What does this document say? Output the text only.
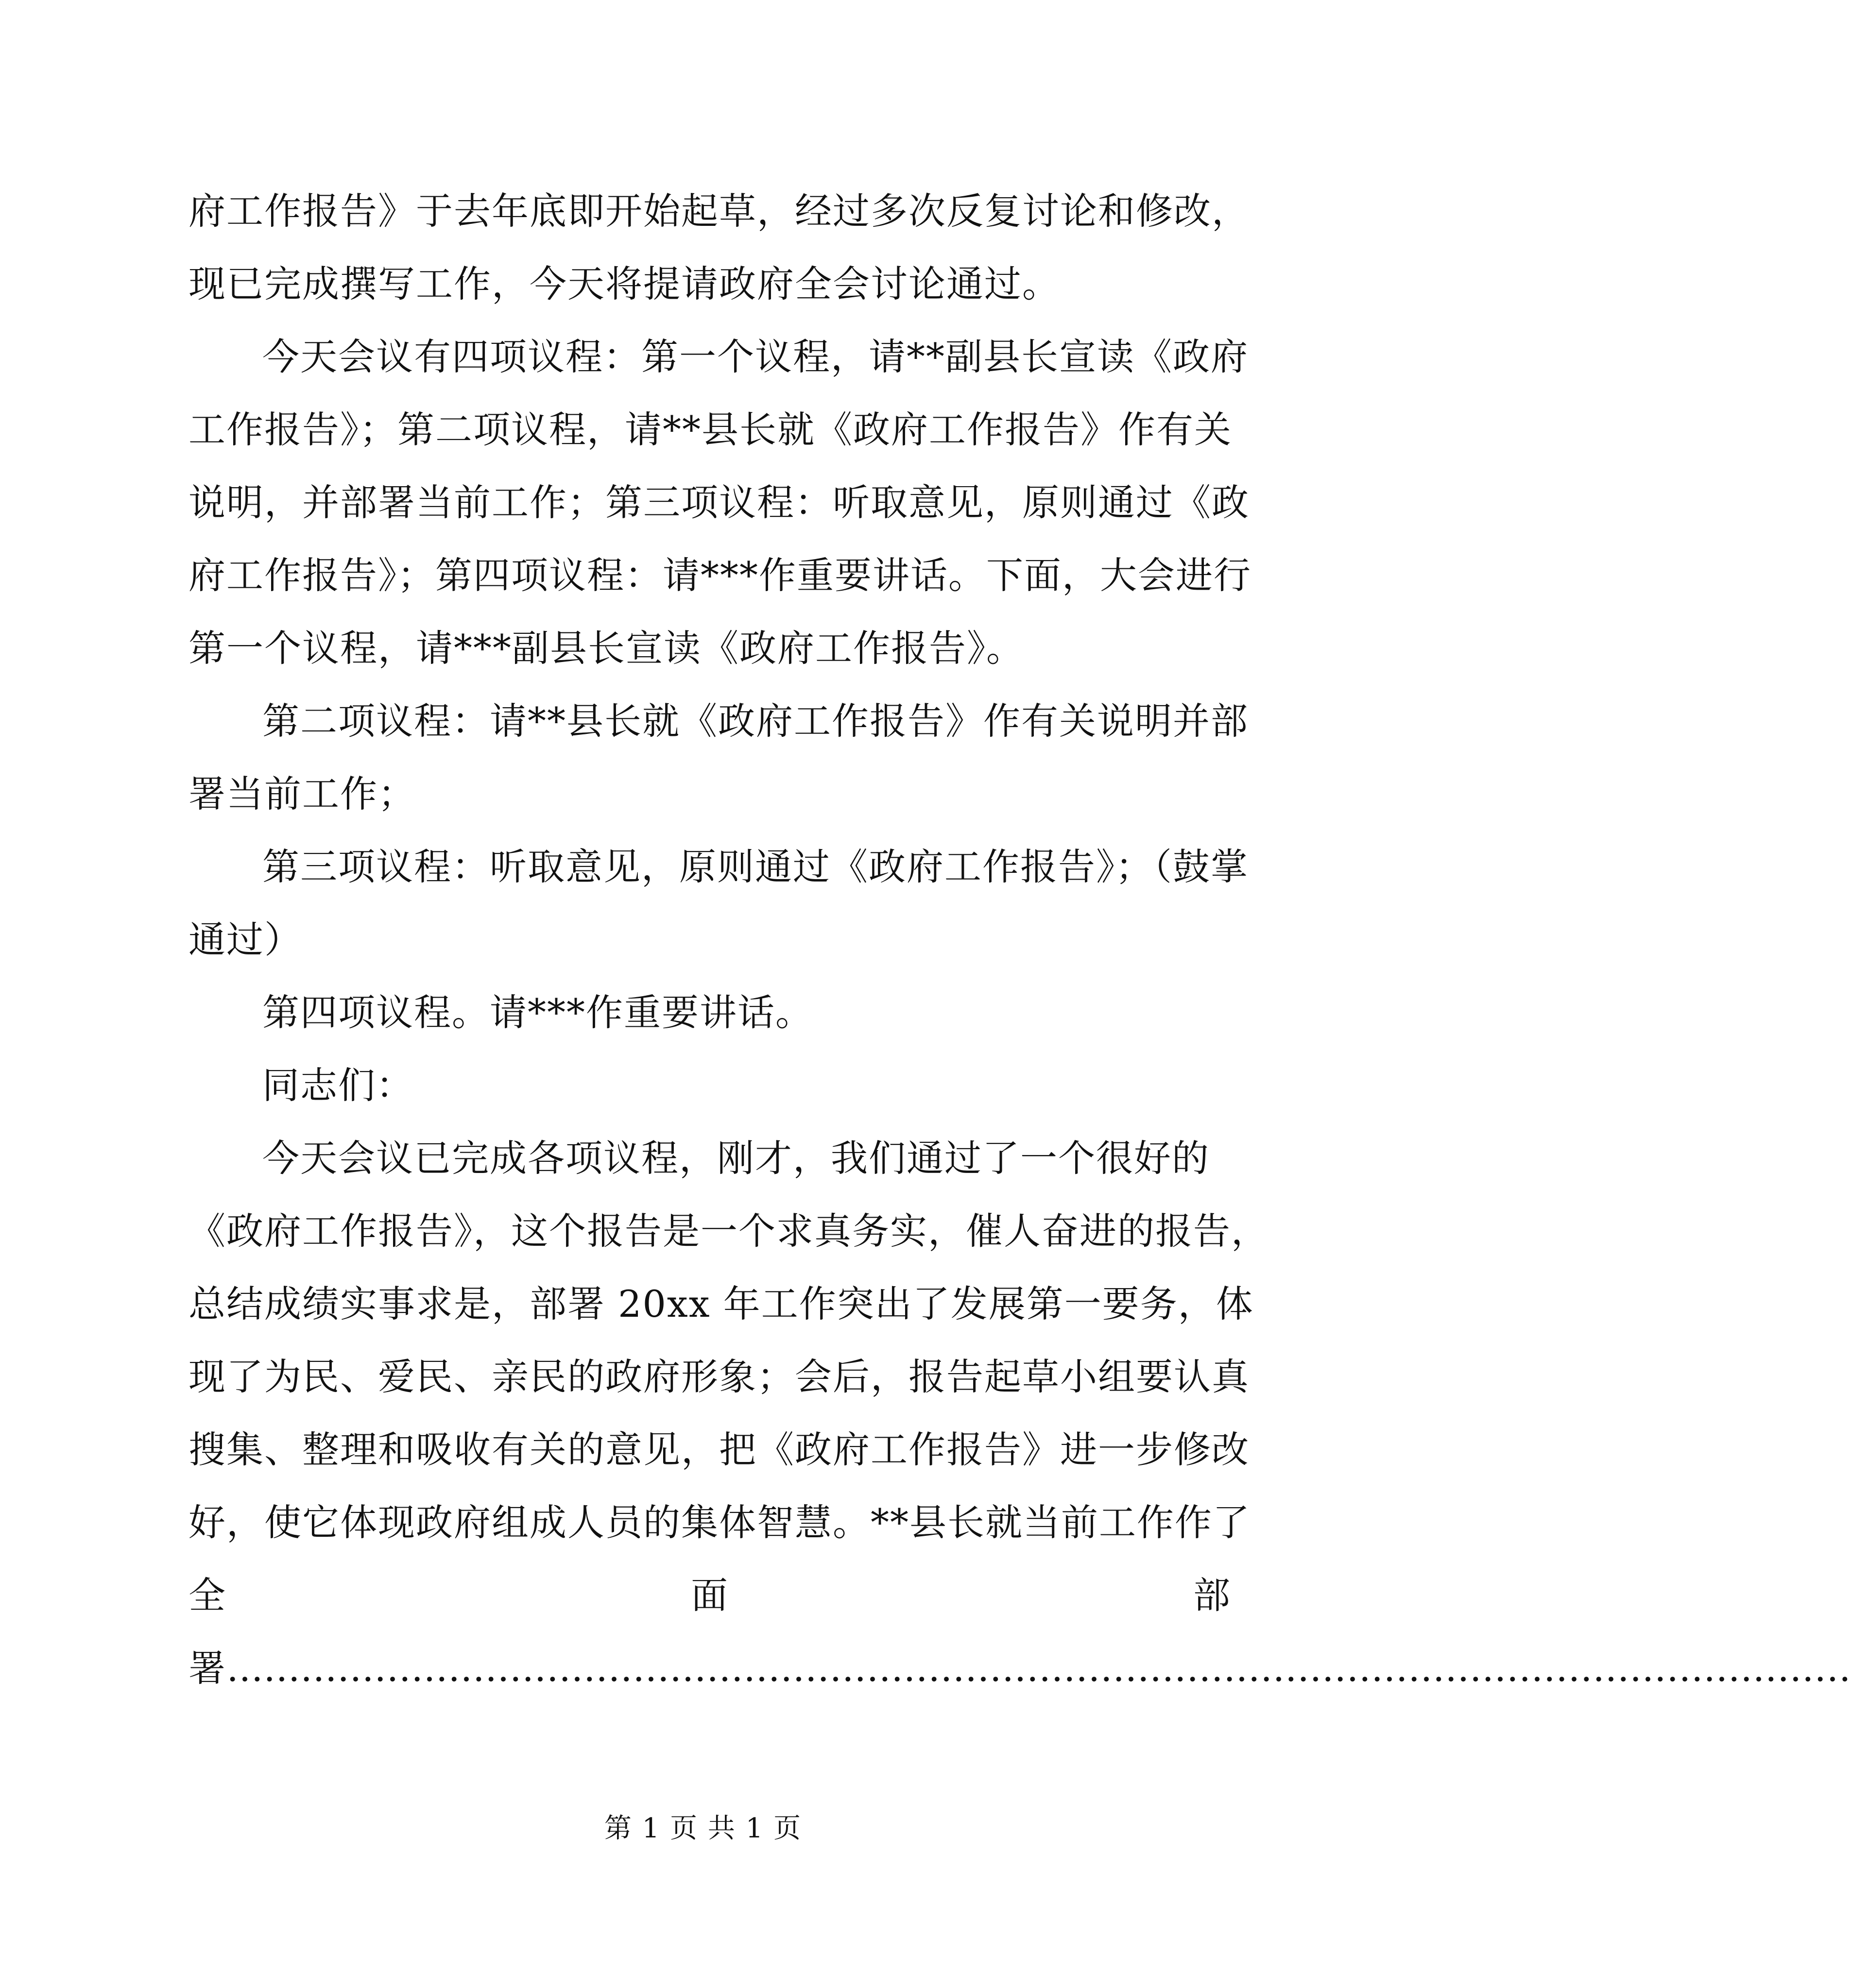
府工作报告》于去年底即开始起草，经过多次反复讨论和修改，
现已完成撰写工作，今天将提请政府全会讨论通过。
今天会议有四项议程：第一个议程，请**副县长宣读《政府
工作报告》；第二项议程，请**县长就《政府工作报告》作有关
说明，并部署当前工作；第三项议程：听取意见，原则通过《政
府工作报告》；第四项议程：请***作重要讲话。下面，大会进行
第一个议程，请***副县长宣读《政府工作报告》。
第二项议程：请**县长就《政府工作报告》作有关说明并部
署当前工作；
第三项议程：听取意见，原则通过《政府工作报告》；（鼓掌
通过）
第四项议程。请***作重要讲话。
同志们：
今天会议已完成各项议程，刚才，我们通过了一个很好的
《政府工作报告》，这个报告是一个求真务实，催人奋进的报告，
总结成绩实事求是，部署 20xx 年工作突出了发展第一要务，体
现了为民、爱民、亲民的政府形象；会后，报告起草小组要认真
搜集、整理和吸收有关的意见，把《政府工作报告》进一步修改
好，使它体现政府组成人员的集体智慧。**县长就当前工作作了
全	面	部
署 ……………………………………………………………………………………………………………………
第 1 页 共 1 页
